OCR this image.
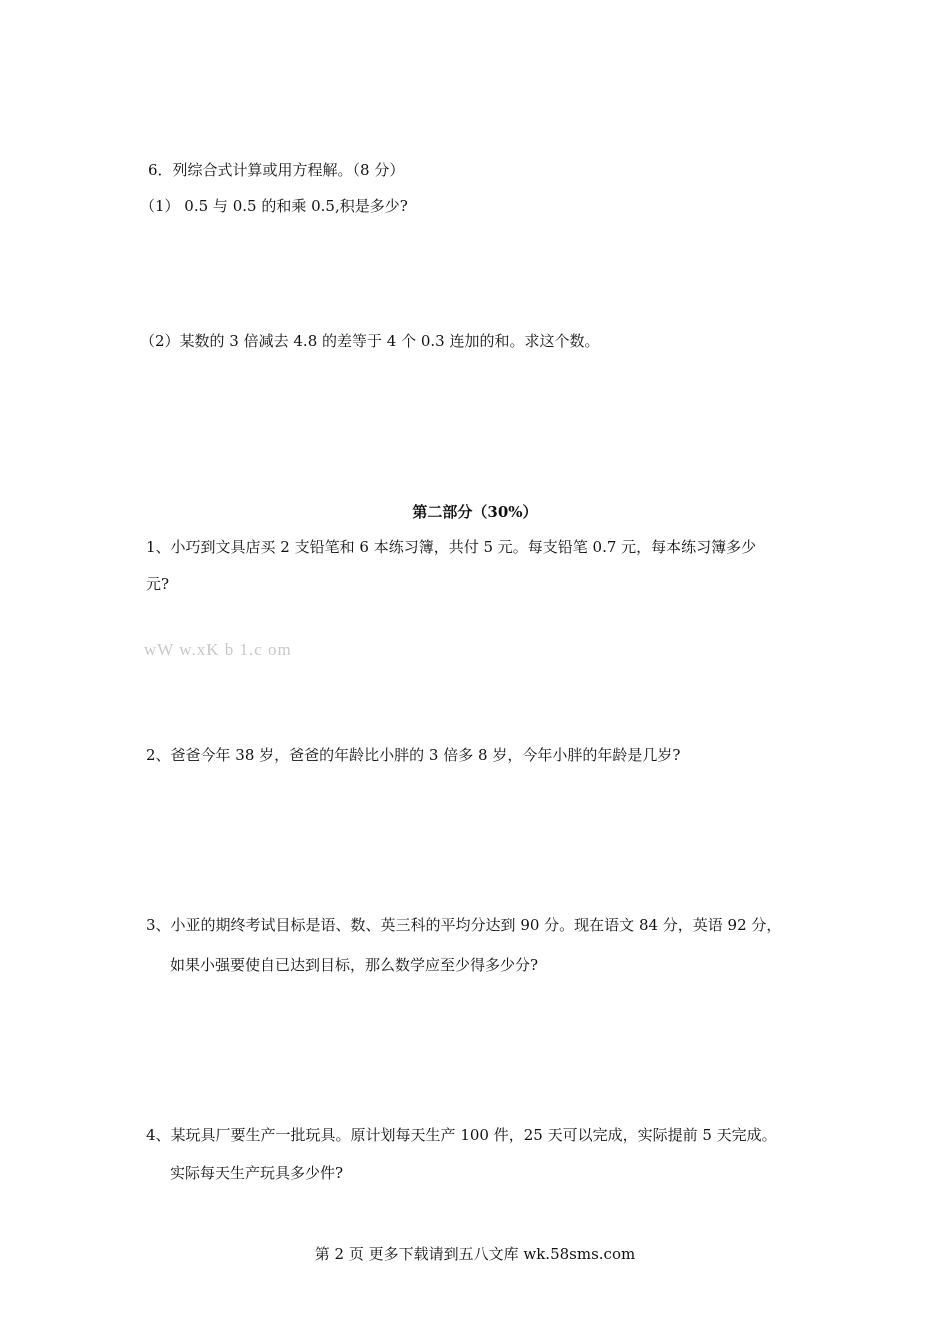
6．列综合式计算或用方程解。（8 分）
（1） 0.5 与 0.5 的和乘 0.5,积是多少?
（2）某数的 3 倍减去 4.8 的差等于 4 个 0.3 连加的和。求这个数。
第二部分（30%）
1、小巧到文具店买 2 支铅笔和 6 本练习簿，共付 5 元。每支铅笔 0.7 元，每本练习簿多少
元?
wW w.xK b 1.c om
2、爸爸今年 38 岁，爸爸的年龄比小胖的 3 倍多 8 岁，今年小胖的年龄是几岁?
3、小亚的期终考试目标是语、数、英三科的平均分达到 90 分。现在语文 84 分，英语 92 分，
如果小强要使自已达到目标，那么数学应至少得多少分?
4、某玩具厂要生产一批玩具。原计划每天生产 100 件，25 天可以完成，实际提前 5 天完成。
实际每天生产玩具多少件?
第 2 页 更多下载请到五八文库 wk.58sms.com
